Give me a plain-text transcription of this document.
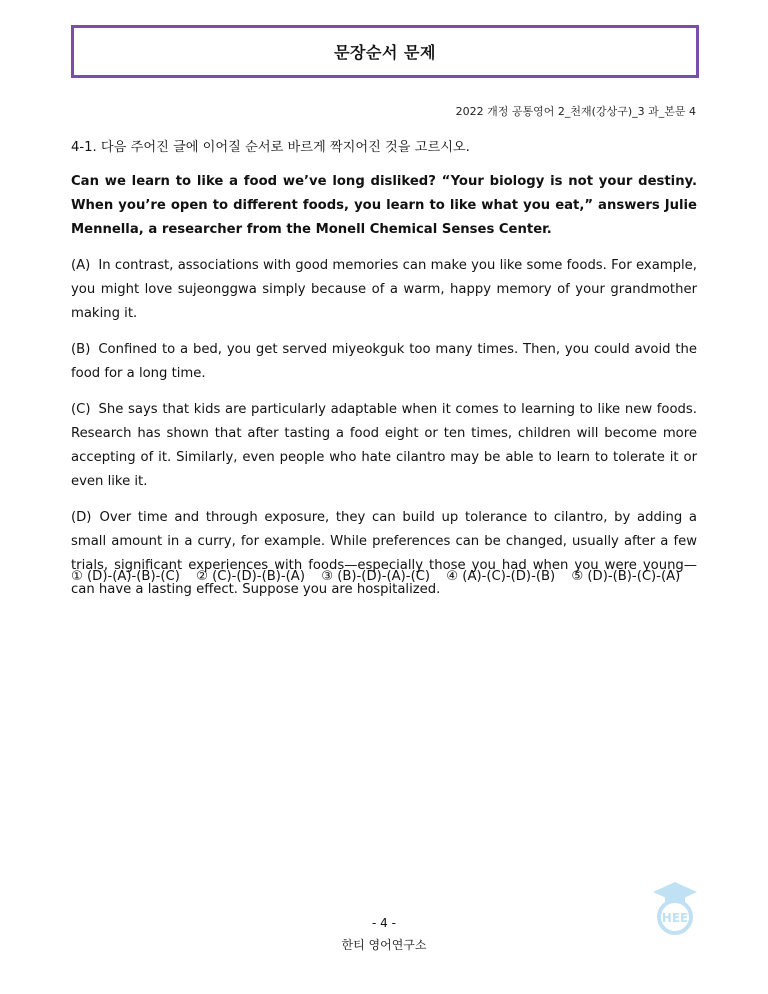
문장순서 문제
2022 개정 공통영어 2_천재(강상구)_3 과_본문 4
4-1. 다음 주어진 글에 이어질 순서로 바르게 짝지어진 것을 고르시오.

Can we learn to like a food we’ve long disliked? “Your biology is not your destiny. When you’re open to different foods, you learn to like what you eat,” answers Julie Mennella, a researcher from the Monell Chemical Senses Center.

(A) In contrast, associations with good memories can make you like some foods. For example, you might love sujeonggwa simply because of a warm, happy memory of your grandmother making it.

(B) Confined to a bed, you get served miyeokguk too many times. Then, you could avoid the food for a long time.

(C) She says that kids are particularly adaptable when it comes to learning to like new foods. Research has shown that after tasting a food eight or ten times, children will become more accepting of it. Similarly, even people who hate cilantro may be able to learn to tolerate it or even like it.

(D) Over time and through exposure, they can build up tolerance to cilantro, by adding a small amount in a curry, for example. While preferences can be changed, usually after a few trials, significant experiences with foods—especially those you had when you were young—can have a lasting effect. Suppose you are hospitalized.

① (D)-(A)-(B)-(C) ② (C)-(D)-(B)-(A) ③ (B)-(D)-(A)-(C) ④ (A)-(C)-(D)-(B) ⑤ (D)-(B)-(C)-(A)
HEE
- 4 -
한티 영어연구소
